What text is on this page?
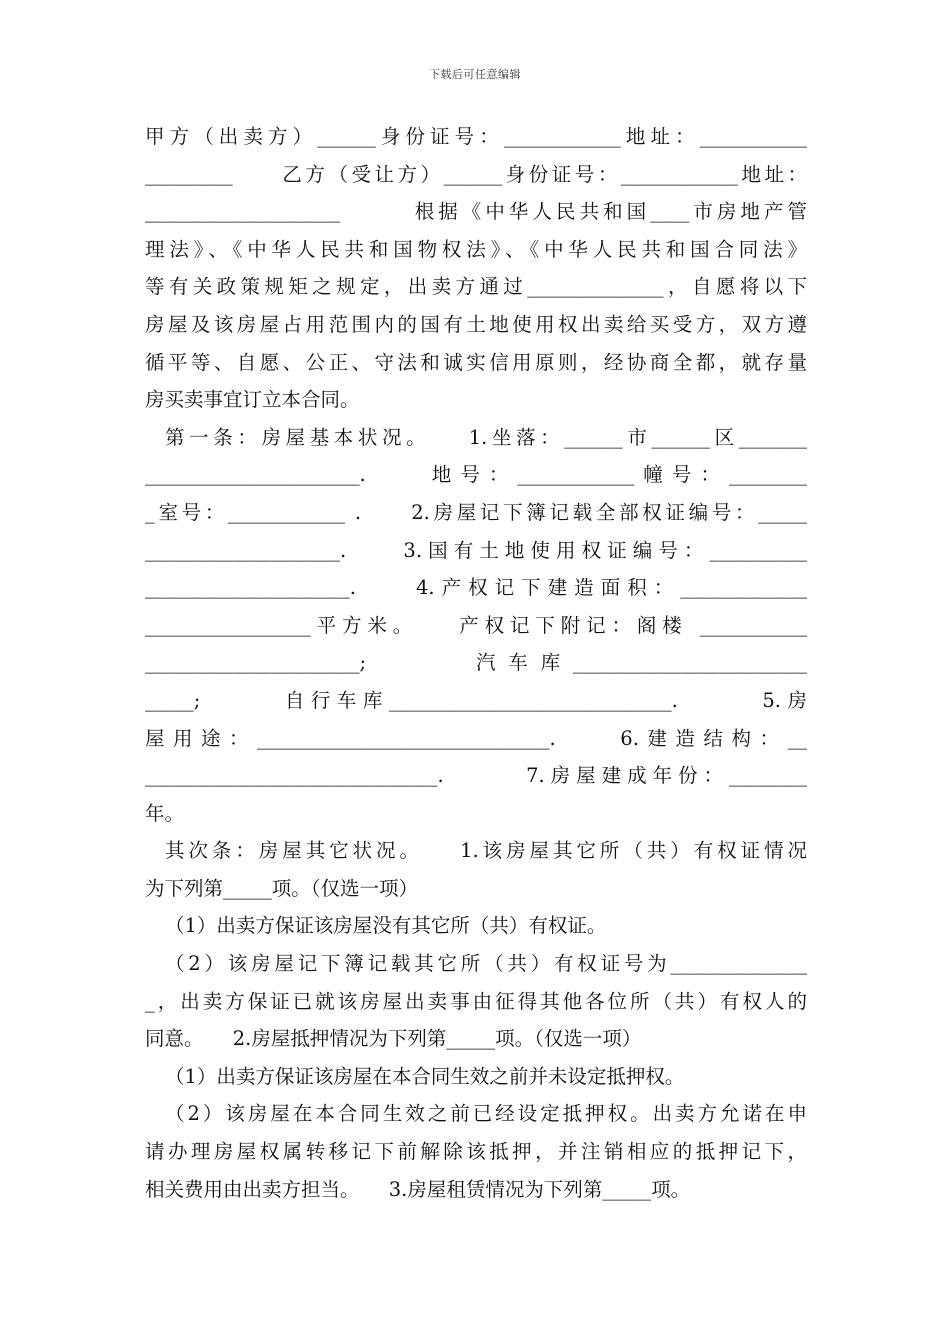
下载后可任意编辑
甲方（出卖方）______身份证号：____________地址：___________
_________　　乙方（受让方）______身份证号：____________地址：
____________________　　　根据《中华人民共和国____市房地产管
理法》、《中华人民共和国物权法》、《中华人民共和国合同法》
等有关政策规矩之规定，出卖方通过______________，自愿将以下
房屋及该房屋占用范围内的国有土地使用权出卖给买受方，双方遵
循平等、自愿、公正、守法和诚实信用原则，经协商全都，就存量
房买卖事宜订立本合同。
第一条：房屋基本状况。　　1.坐落：______市______区_______
______________________.　　地号：____________幢号：________
_室号：____________ .　　2.房屋记下簿记载全部权证编号：_____
____________________.　　3.国有土地使用权证编号：__________
_____________________.　　4.产权记下建造面积：_____________
_________________平方米。　　产权记下附记：阁楼 ___________
______________________;　　　汽车库________________________
_____;　　　自行车库_____________________________.　　　5.房
屋用途：______________________________.　　6.建造结构：__
______________________________.　　　7.房屋建成年份：________
年。
其次条：房屋其它状况。　　1.该房屋其它所（共）有权证情况
为下列第_____项。（仅选一项）
（1）出卖方保证该房屋没有其它所（共）有权证。
（2）该房屋记下簿记载其它所（共）有权证号为______________
_，出卖方保证已就该房屋出卖事由征得其他各位所（共）有权人的
同意。　　2.房屋抵押情况为下列第_____项。（仅选一项）
（1）出卖方保证该房屋在本合同生效之前并未设定抵押权。
（2）该房屋在本合同生效之前已经设定抵押权。出卖方允诺在申
请办理房屋权属转移记下前解除该抵押，并注销相应的抵押记下，
相关费用由出卖方担当。　　3.房屋租赁情况为下列第_____项。
